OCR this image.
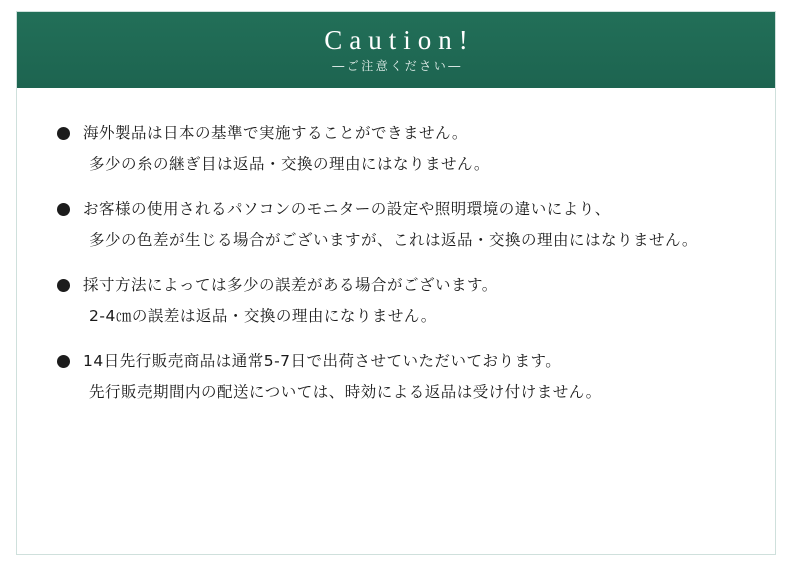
Caution!
―ご注意ください―
海外製品は日本の基準で実施することができません。
多少の糸の継ぎ目は返品・交換の理由にはなりません。
お客様の使用されるパソコンのモニターの設定や照明環境の違いにより、
多少の色差が生じる場合がございますが、これは返品・交換の理由にはなりません。
採寸方法によっては多少の誤差がある場合がございます。
2-4㎝の誤差は返品・交換の理由になりません。
14日先行販売商品は通常5-7日で出荷させていただいております。
先行販売期間内の配送については、時効による返品は受け付けません。
